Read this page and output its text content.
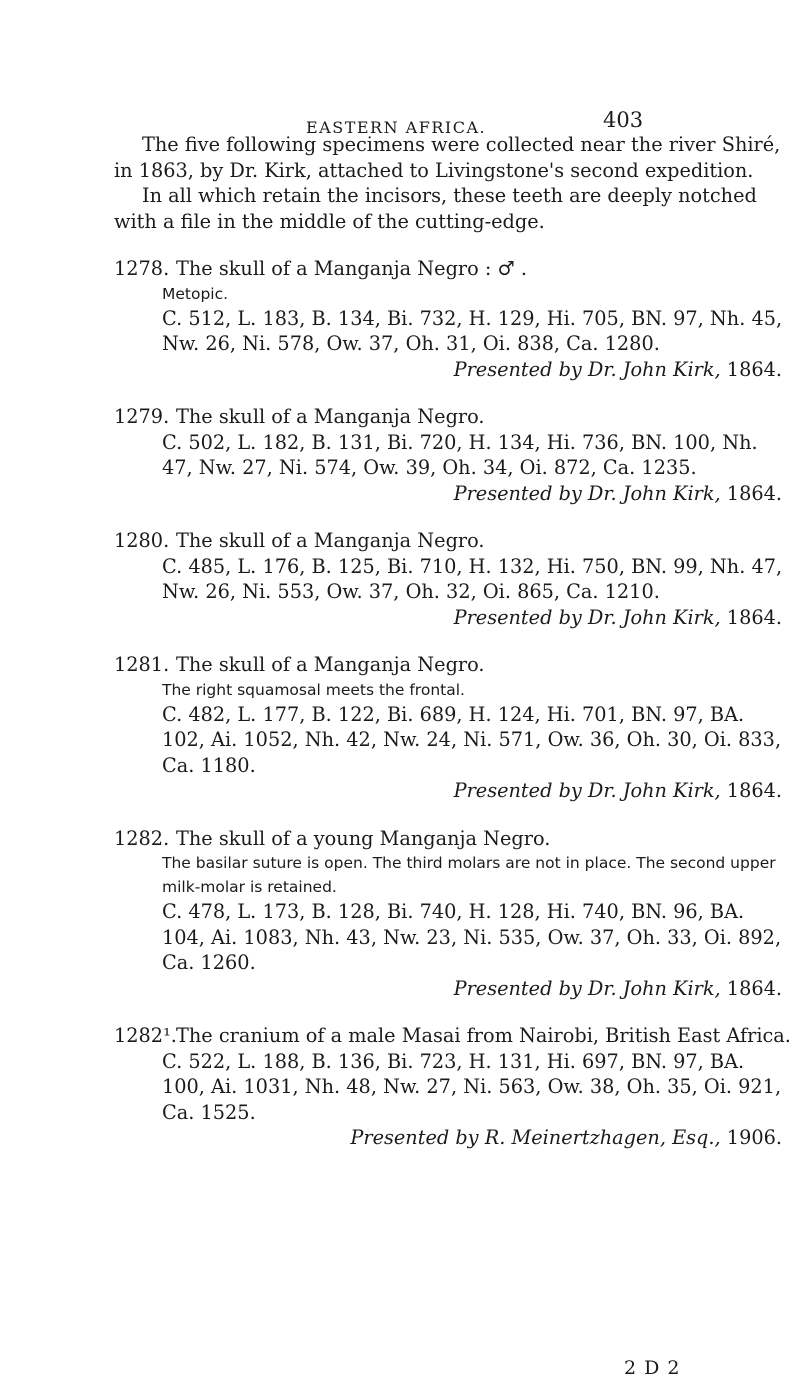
EASTERN AFRICA.	403

The five following specimens were collected near the river Shiré, in 1863, by Dr. Kirk, attached to Livingstone's second expedition.

In all which retain the incisors, these teeth are deeply notched with a file in the middle of the cutting-edge.

1278. The skull of a Manganja Negro : ♂ .
Metopic.

C. 512, L. 183, B. 134, Bi. 732, H. 129, Hi. 705, BN. 97, Nh. 45, Nw. 26, Ni. 578, Ow. 37, Oh. 31, Oi. 838, Ca. 1280.

Presented by Dr. John Kirk, 1864.
1279. The skull of a Manganja Negro.

C. 502, L. 182, B. 131, Bi. 720, H. 134, Hi. 736, BN. 100, Nh. 47, Nw. 27, Ni. 574, Ow. 39, Oh. 34, Oi. 872, Ca. 1235.

Presented by Dr. John Kirk, 1864.
1280. The skull of a Manganja Negro.

C. 485, L. 176, B. 125, Bi. 710, H. 132, Hi. 750, BN. 99, Nh. 47, Nw. 26, Ni. 553, Ow. 37, Oh. 32, Oi. 865, Ca. 1210.

Presented by Dr. John Kirk, 1864.
1281. The skull of a Manganja Negro.
The right squamosal meets the frontal.

C. 482, L. 177, B. 122, Bi. 689, H. 124, Hi. 701, BN. 97, BA. 102, Ai. 1052, Nh. 42, Nw. 24, Ni. 571, Ow. 36, Oh. 30, Oi. 833, Ca. 1180.

Presented by Dr. John Kirk, 1864.
1282. The skull of a young Manganja Negro.
The basilar suture is open. The third molars are not in place. The second upper milk-molar is retained.

C. 478, L. 173, B. 128, Bi. 740, H. 128, Hi. 740, BN. 96, BA. 104, Ai. 1083, Nh. 43, Nw. 23, Ni. 535, Ow. 37, Oh. 33, Oi. 892, Ca. 1260.

Presented by Dr. John Kirk, 1864.
1282¹. The cranium of a male Masai from Nairobi, British East Africa.

C. 522, L. 188, B. 136, Bi. 723, H. 131, Hi. 697, BN. 97, BA. 100, Ai. 1031, Nh. 48, Nw. 27, Ni. 563, Ow. 38, Oh. 35, Oi. 921, Ca. 1525.

Presented by R. Meinertzhagen, Esq., 1906.
2 D 2
